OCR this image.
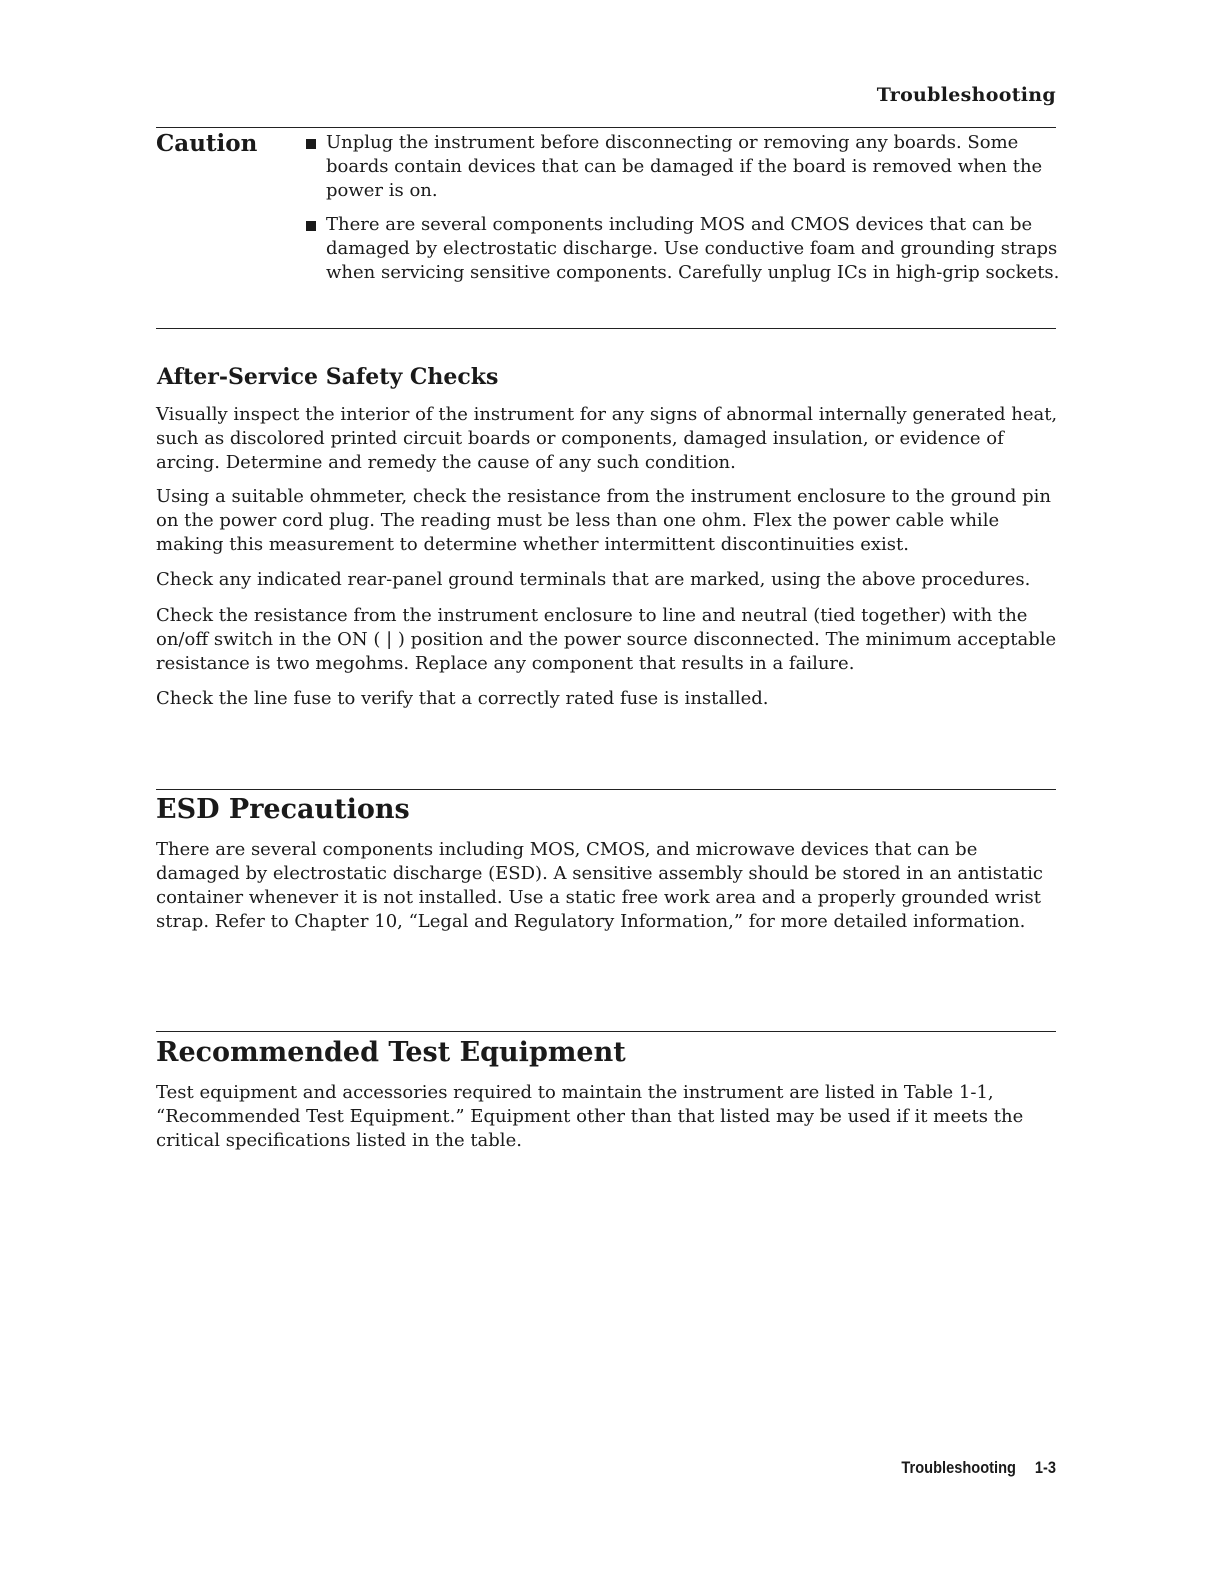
Troubleshooting
Caution	Unplug the instrument before disconnecting or removing any boards. Some boards contain devices that can be damaged if the board is removed when the power is on.
There are several components including MOS and CMOS devices that can be damaged by electrostatic discharge. Use conductive foam and grounding straps when servicing sensitive components. Carefully unplug ICs in high-grip sockets.
After-Service Safety Checks

Visually inspect the interior of the instrument for any signs of abnormal internally generated heat, such as discolored printed circuit boards or components, damaged insulation, or evidence of arcing. Determine and remedy the cause of any such condition.

Using a suitable ohmmeter, check the resistance from the instrument enclosure to the ground pin on the power cord plug. The reading must be less than one ohm. Flex the power cable while making this measurement to determine whether intermittent discontinuities exist.

Check any indicated rear-panel ground terminals that are marked, using the above procedures.

Check the resistance from the instrument enclosure to line and neutral (tied together) with the on/off switch in the ON ( | ) position and the power source disconnected. The minimum acceptable resistance is two megohms. Replace any component that results in a failure.

Check the line fuse to verify that a correctly rated fuse is installed.

ESD Precautions

There are several components including MOS, CMOS, and microwave devices that can be damaged by electrostatic discharge (ESD). A sensitive assembly should be stored in an antistatic container whenever it is not installed. Use a static free work area and a properly grounded wrist strap. Refer to Chapter 10, “Legal and Regulatory Information,” for more detailed information.

Recommended Test Equipment

Test equipment and accessories required to maintain the instrument are listed in Table 1-1, “Recommended Test Equipment.” Equipment other than that listed may be used if it meets the critical specifications listed in the table.

Troubleshooting 1-3
